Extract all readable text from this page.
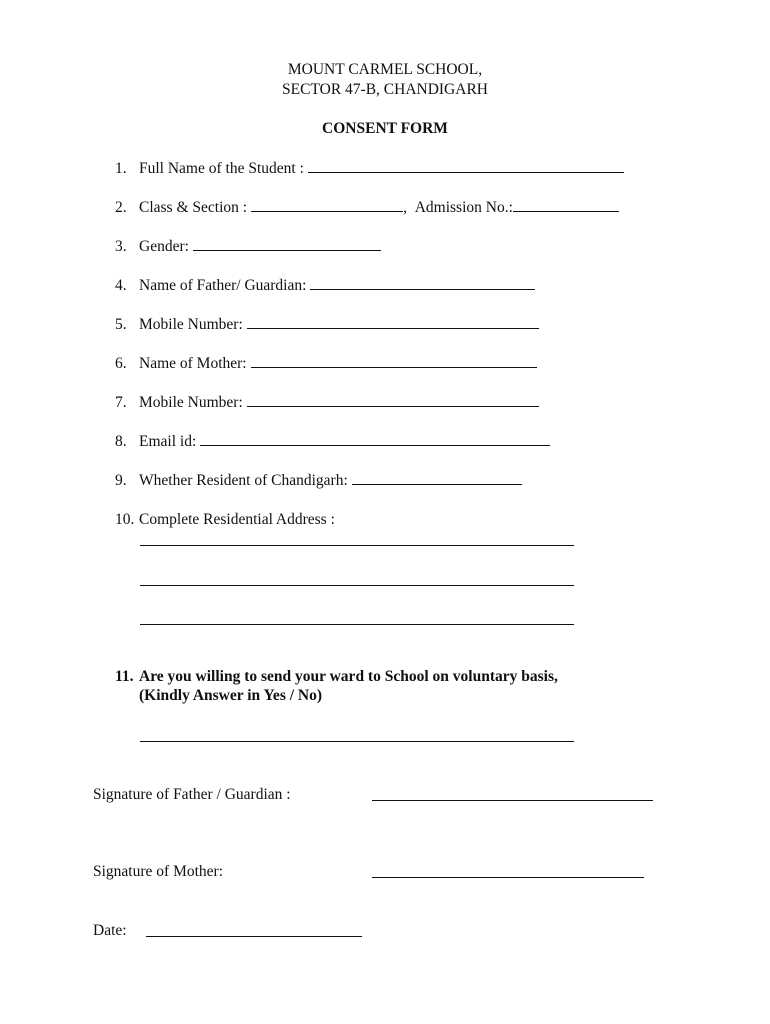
MOUNT CARMEL SCHOOL,
SECTOR 47-B, CHANDIGARH
CONSENT FORM
1. Full Name of the Student :
2. Class & Section :	,  Admission No.:
3. Gender:
4. Name of Father/ Guardian:
5. Mobile Number:
6. Name of Mother:
7. Mobile Number:
8. Email id:
9. Whether Resident of Chandigarh:
10. Complete Residential Address :
11. Are you willing to send your ward to School on voluntary basis,
(Kindly Answer in Yes / No)
Signature of Father / Guardian :
Signature of Mother:
Date:
